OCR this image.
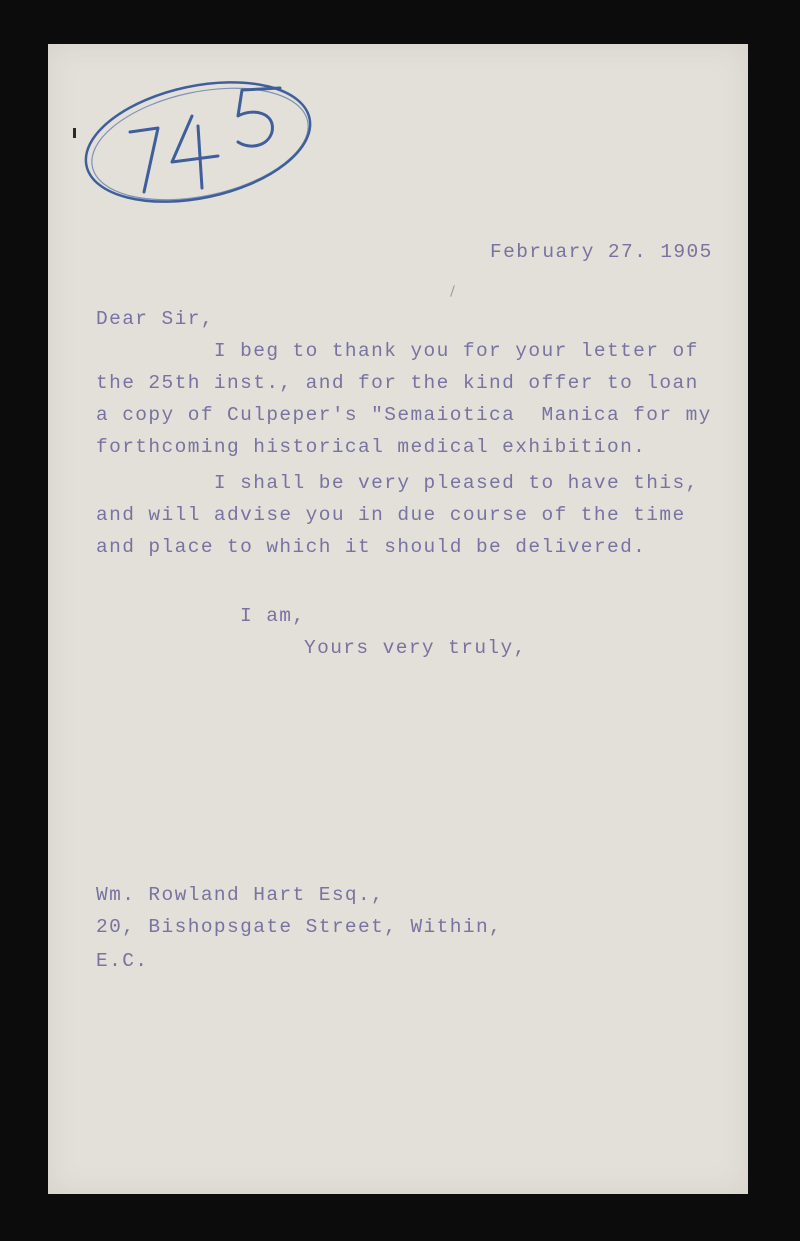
February 27. 1905
Dear Sir,
I beg to thank you for your letter of
the 25th inst., and for the kind offer to loan
a copy of Culpeper's "Semaiotica  Manica for my
forthcoming historical medical exhibition.
I shall be very pleased to have this,
and will advise you in due course of the time
and place to which it should be delivered.
I am,
Yours very truly,
Wm. Rowland Hart Esq.,
20, Bishopsgate Street, Within,
E.C.
